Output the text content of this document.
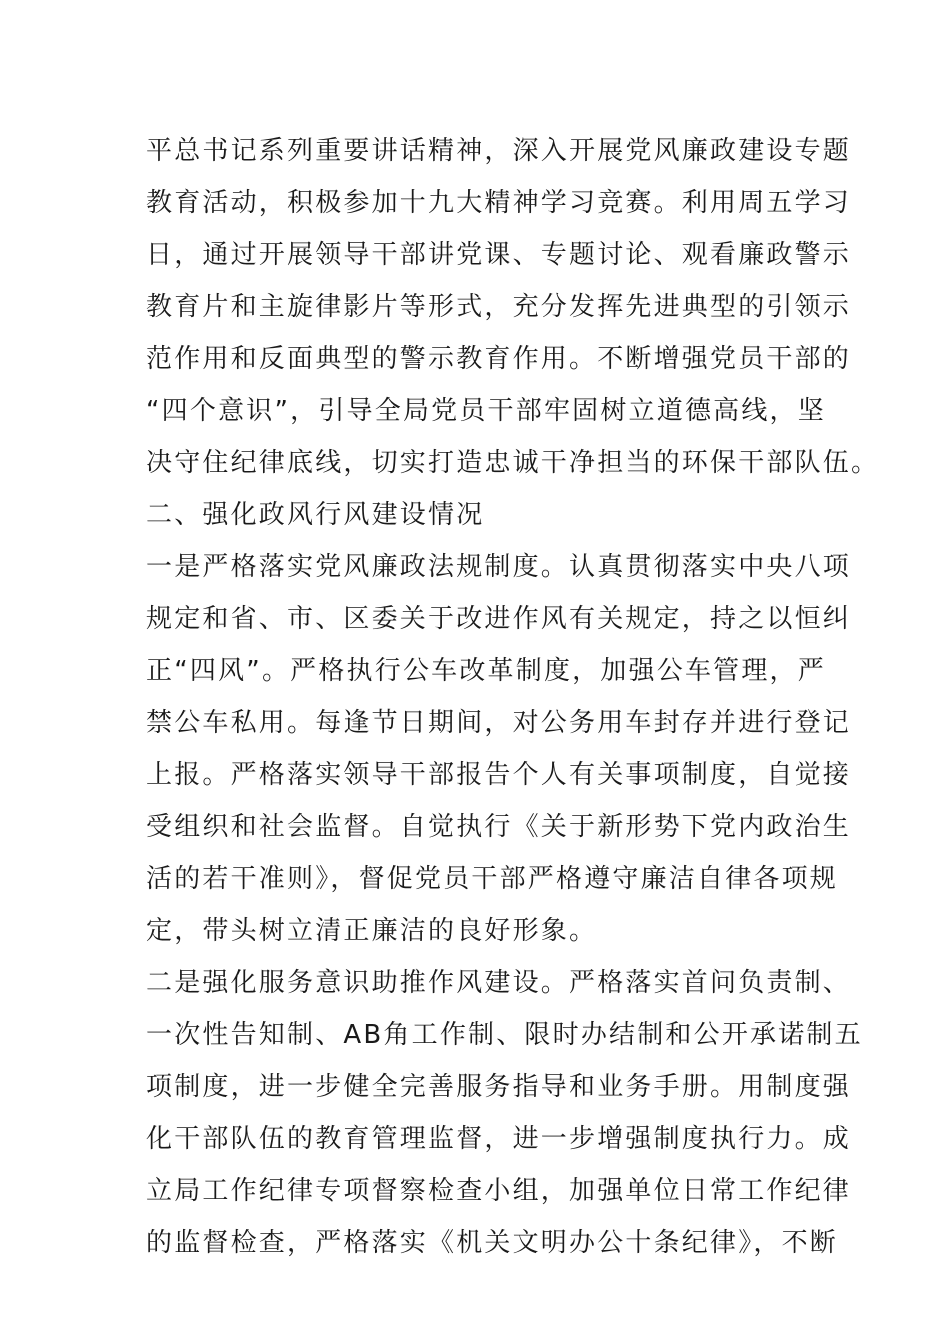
平总书记系列重要讲话精神，深入开展党风廉政建设专题
教育活动，积极参加十九大精神学习竞赛。利用周五学习
日，通过开展领导干部讲党课、专题讨论、观看廉政警示
教育片和主旋律影片等形式，充分发挥先进典型的引领示
范作用和反面典型的警示教育作用。不断增强党员干部的
“四个意识”，引导全局党员干部牢固树立道德高线，坚
决守住纪律底线，切实打造忠诚干净担当的环保干部队伍。
二、强化政风行风建设情况
一是严格落实党风廉政法规制度。认真贯彻落实中央八项
规定和省、市、区委关于改进作风有关规定，持之以恒纠
正“四风”。严格执行公车改革制度，加强公车管理，严
禁公车私用。每逢节日期间，对公务用车封存并进行登记
上报。严格落实领导干部报告个人有关事项制度，自觉接
受组织和社会监督。自觉执行《关于新形势下党内政治生
活的若干准则》，督促党员干部严格遵守廉洁自律各项规
定，带头树立清正廉洁的良好形象。
二是强化服务意识助推作风建设。严格落实首问负责制、
一次性告知制、AB角工作制、限时办结制和公开承诺制五
项制度，进一步健全完善服务指导和业务手册。用制度强
化干部队伍的教育管理监督，进一步增强制度执行力。成
立局工作纪律专项督察检查小组，加强单位日常工作纪律
的监督检查，严格落实《机关文明办公十条纪律》，不断
